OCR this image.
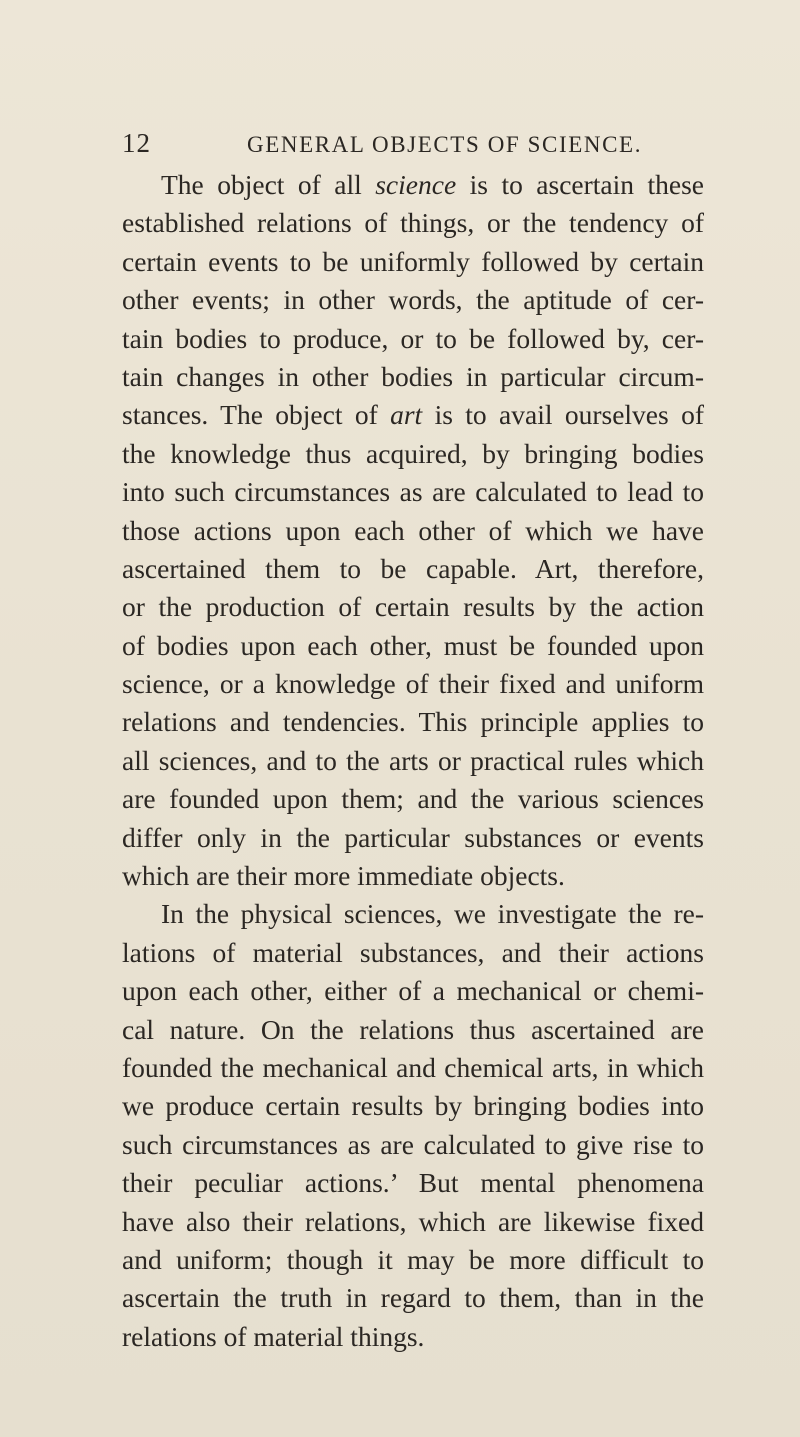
12	GENERAL OBJECTS OF SCIENCE.
The object of all science is to ascertain these
established relations of things, or the tendency of
certain events to be uniformly followed by certain
other events; in other words, the aptitude of cer-
tain bodies to produce, or to be followed by, cer-
tain changes in other bodies in particular circum-
stances. The object of art is to avail ourselves of
the knowledge thus acquired, by bringing bodies
into such circumstances as are calculated to lead to
those actions upon each other of which we have
ascertained them to be capable. Art, therefore,
or the production of certain results by the action
of bodies upon each other, must be founded upon
science, or a knowledge of their fixed and uniform
relations and tendencies. This principle applies to
all sciences, and to the arts or practical rules which
are founded upon them; and the various sciences
differ only in the particular substances or events
which are their more immediate objects.
In the physical sciences, we investigate the re-
lations of material substances, and their actions
upon each other, either of a mechanical or chemi-
cal nature. On the relations thus ascertained are
founded the mechanical and chemical arts, in which
we produce certain results by bringing bodies into
such circumstances as are calculated to give rise to
their peculiar actions.’ But mental phenomena
have also their relations, which are likewise fixed
and uniform; though it may be more difficult to
ascertain the truth in regard to them, than in the
relations of material things.
